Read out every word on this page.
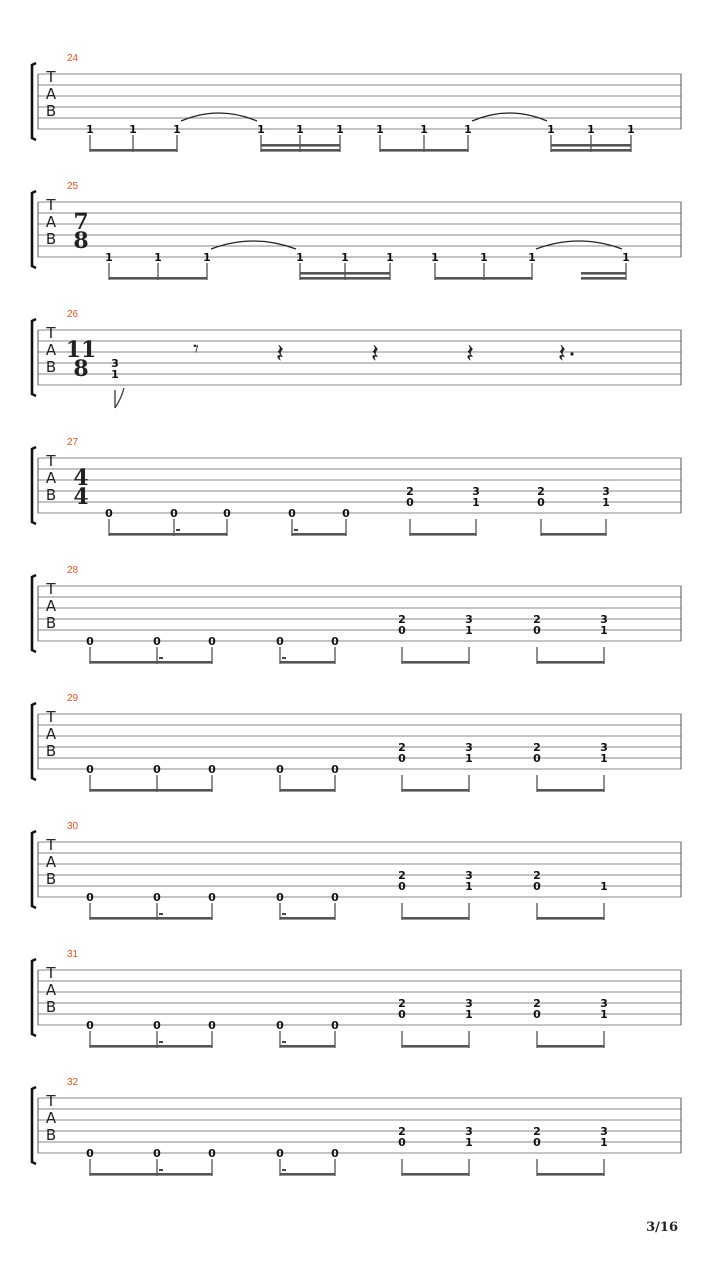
24
T
A
B
1	1	1	1	1	1	1	1	1	1	1	1
25
T
A
B
7
8
1	1	1	1	1	1	1	1	1	1
26
T
A
B
11
8 3
1
𝄾	𝄽	𝄽	𝄽	𝄽
27
T
A
B
4
4
0	0	0	0	0
2
0
3
1
2
0
3
1
28
T
A
B
0	0	0	0	0
2
0
3
1
2
0
3
1
29
T
A
B
0	0	0	0	0
2
0
3
1
2
0
3
1
30
T
A
B
0	0	0	0	0
2
0
3
1
2
0	1
31
T
A
B
0	0	0	0	0
2
0
3
1
2
0
3
1
32
T
A
B
0	0	0	0	0
2
0
3
1
2
0
3
1
3/16
